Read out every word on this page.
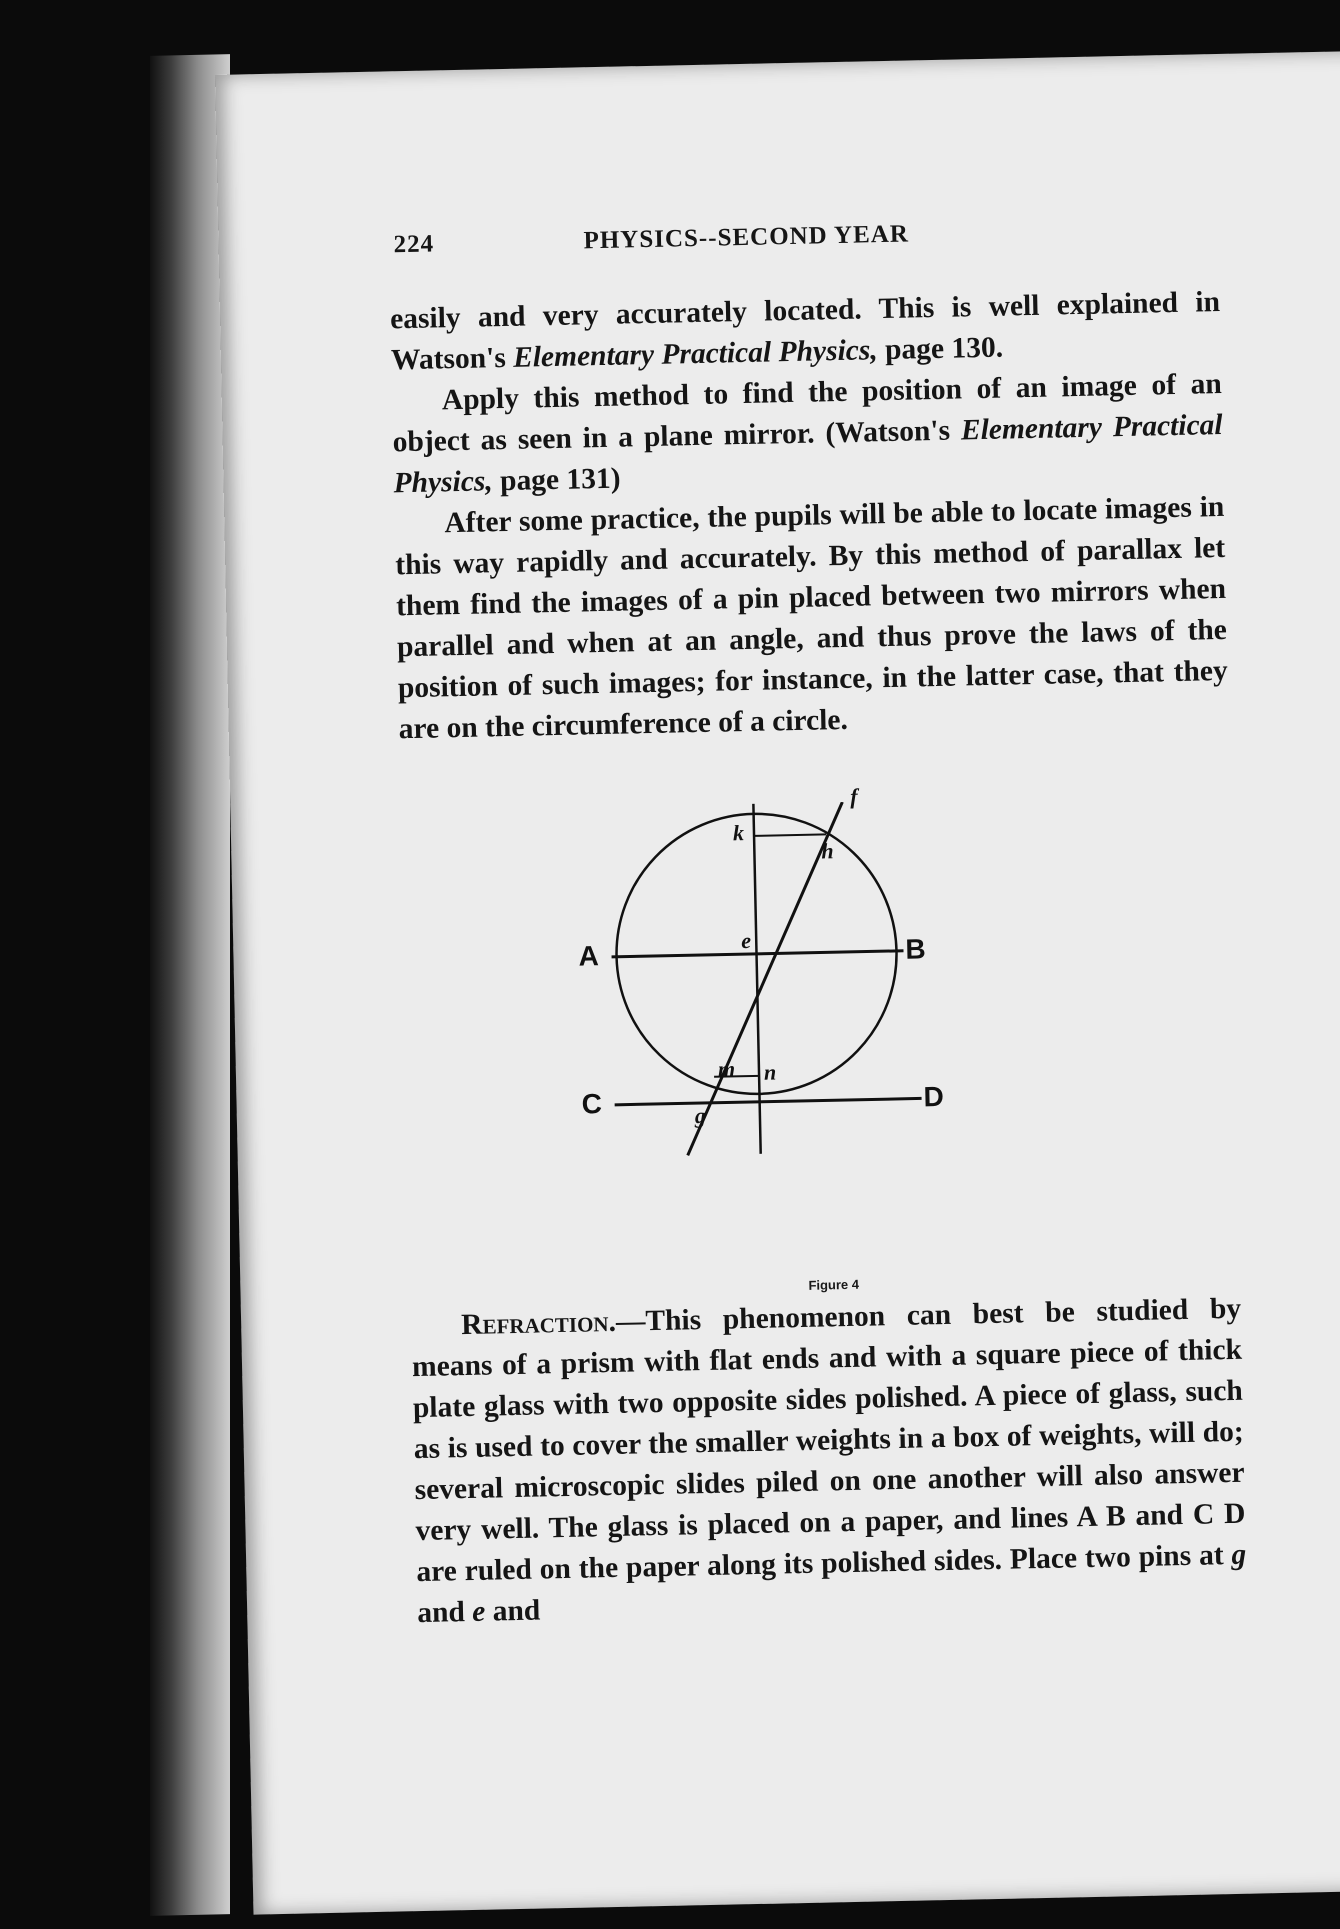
224	PHYSICS--SECOND YEAR

easily and very accurately located. This is well explained in Watson's Elementary Practical Physics, page 130.

Apply this method to find the position of an image of an object as seen in a plane mirror. (Watson's Elementary Practical Physics, page 131)

After some practice, the pupils will be able to locate images in this way rapidly and accurately. By this method of parallax let them find the images of a pin placed between two mirrors when parallel and when at an angle, and thus prove the laws of the position of such images; for instance, in the latter case, that they are on the circumference of a circle.

A	B
C	D
e
f
g
h
k
m n
Figure 4

Refraction.—This phenomenon can best be studied by means of a prism with flat ends and with a square piece of thick plate glass with two opposite sides polished. A piece of glass, such as is used to cover the smaller weights in a box of weights, will do; several microscopic slides piled on one another will also answer very well. The glass is placed on a paper, and lines A B and C D are ruled on the paper along its polished sides. Place two pins at g and e and
